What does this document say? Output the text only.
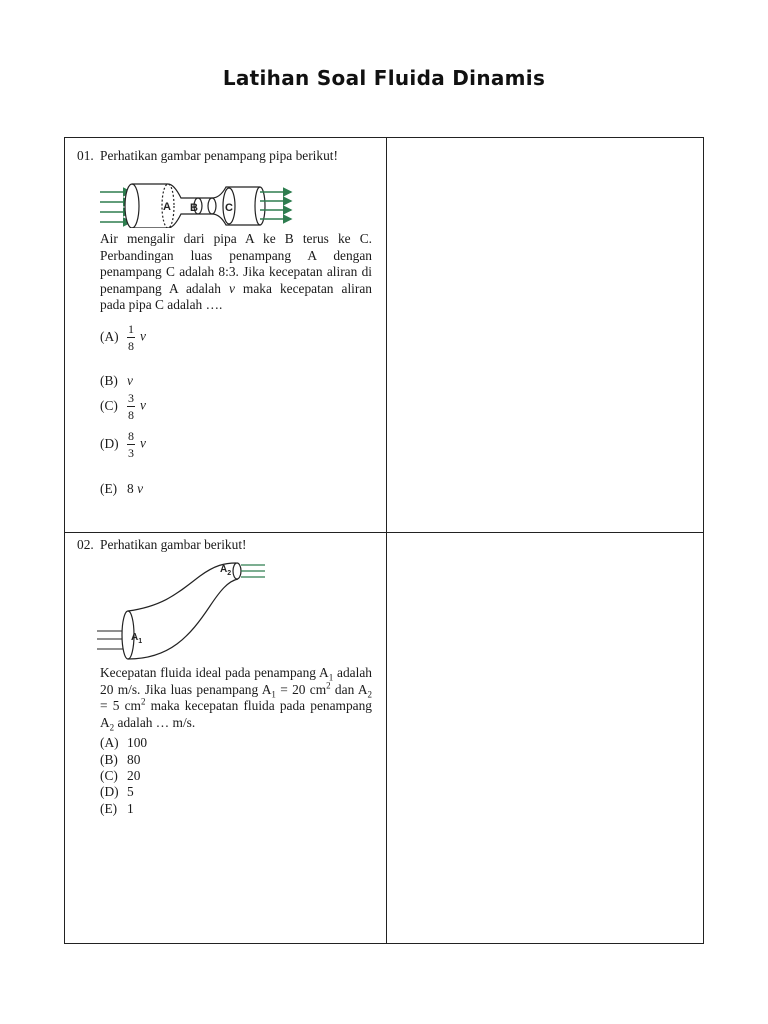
Latihan Soal Fluida Dinamis
01. Perhatikan gambar penampang pipa berikut!
A B C
Air mengalir dari pipa A ke B terus ke C. Perbandingan luas penampang A dengan penampang C adalah 8:3. Jika kecepatan aliran di penampang A adalah v maka kecepatan aliran pada pipa C adalah ….
$(A) \frac{1}{8}$ v
(B) v
$(C) \frac{3}{8}$ v
$(D) \frac{8}{3}$ v
(E) 8 v
02. Perhatikan gambar berikut!
$A_1$
$A_2$
Kecepatan fluida ideal pada penampang $A_1$ adalah 20 m/s. Jika luas penampang $A_1 = 20$ $cm^2$ dan $A_2 = 5$ $cm^2$ maka kecepatan fluida pada penampang $A_2$ adalah … m/s.
(A) 100
(B) 80
(C) 20
(D) 5
(E) 1
